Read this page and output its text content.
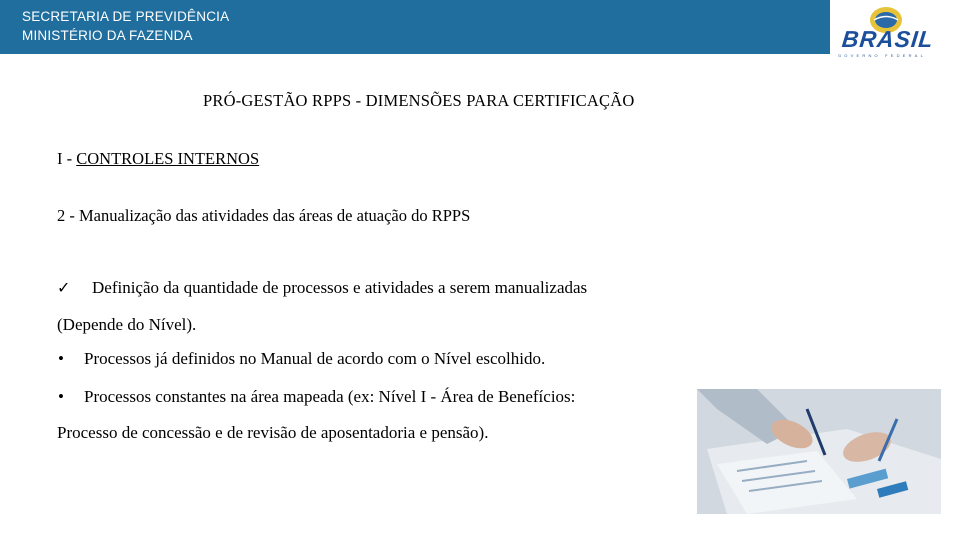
SECRETARIA DE PREVIDÊNCIA
MINISTÉRIO DA FAZENDA	BRASIL
GOVERNO FEDERAL
PRÓ-GESTÃO RPPS - DIMENSÕES PARA CERTIFICAÇÃO
I - CONTROLES INTERNOS
2 - Manualização das atividades das áreas de atuação do RPPS
✓ Definição da quantidade de processos e atividades a serem manualizadas
(Depende do Nível).
• Processos já definidos no Manual de acordo com o Nível escolhido.
• Processos constantes na área mapeada (ex: Nível I - Área de Benefícios:
Processo de concessão e de revisão de aposentadoria e pensão).
